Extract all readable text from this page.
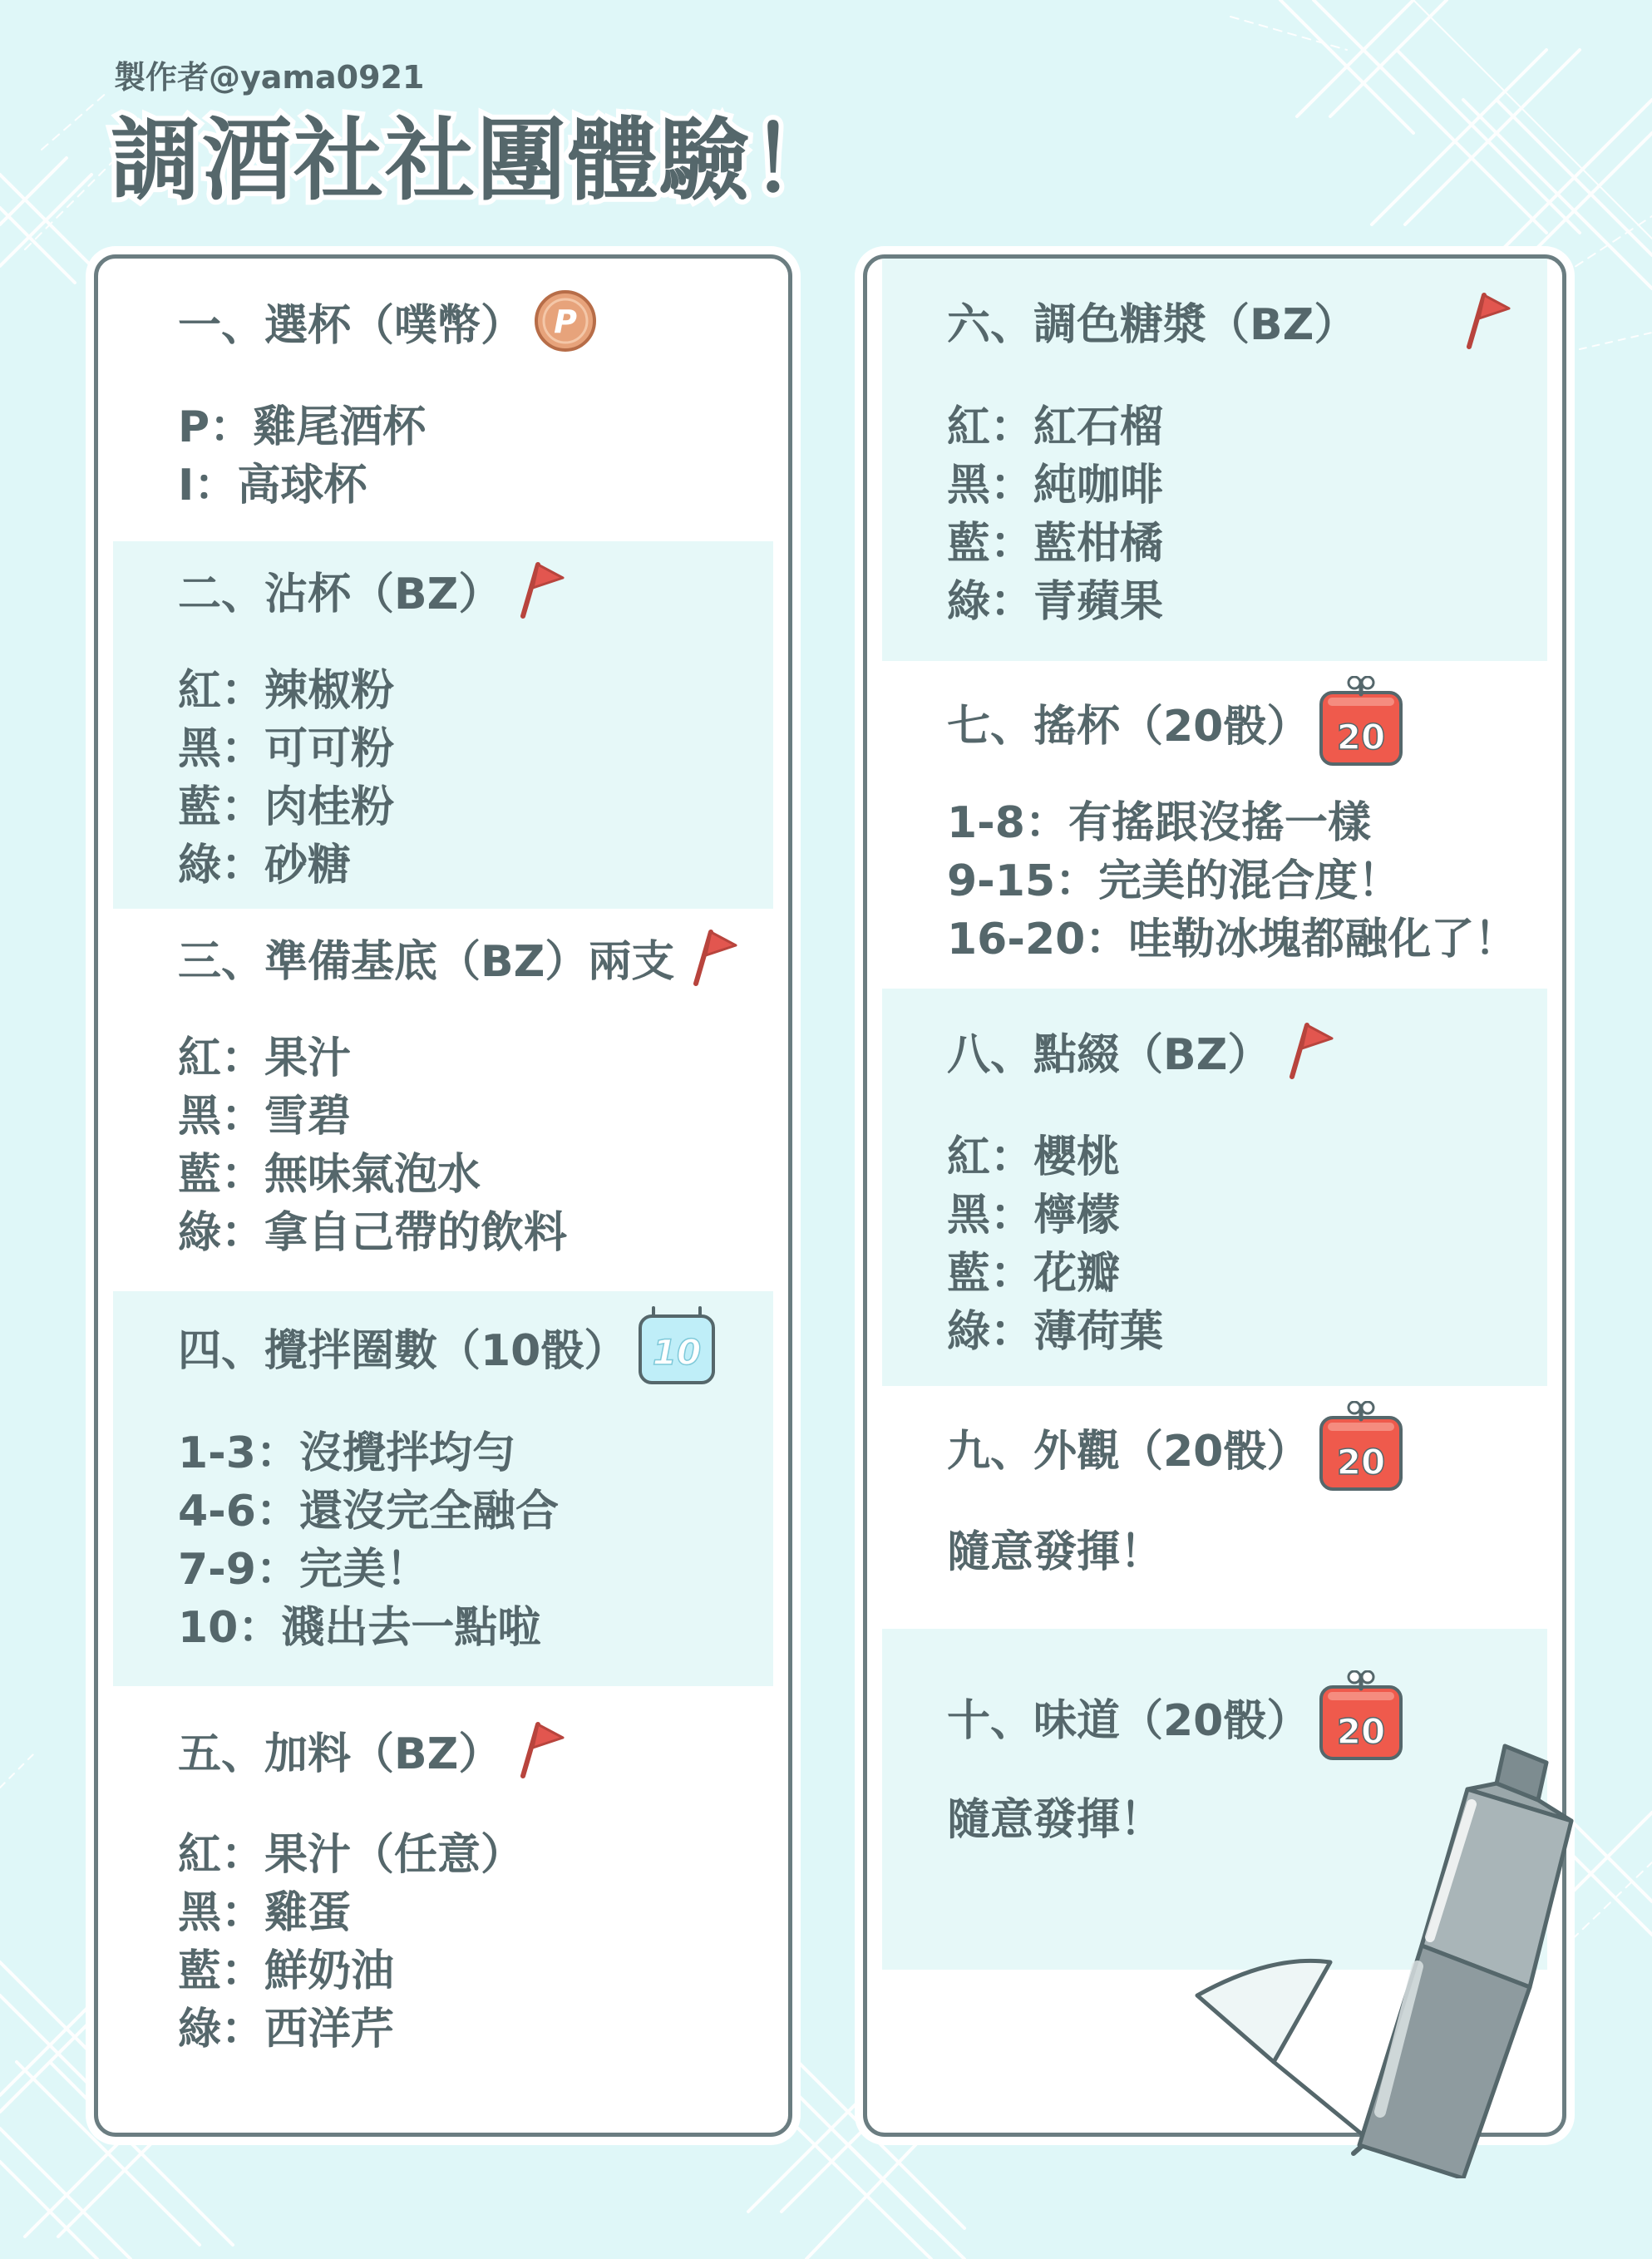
製作者@yama0921
調酒社社團體驗！
一、選杯（噗幣） P
P：雞尾酒杯
I：高球杯
二、沾杯（BZ）
紅：辣椒粉
黑：可可粉
藍：肉桂粉
綠：砂糖
三、準備基底（BZ）兩支
紅：果汁
黑：雪碧
藍：無味氣泡水
綠：拿自己帶的飲料
四、攪拌圈數（10骰） 10
1-3：沒攪拌均勻
4-6：還沒完全融合
7-9：完美！
10：濺出去一點啦
五、加料（BZ）
紅：果汁（任意）
黑：雞蛋
藍：鮮奶油
綠：西洋芹
六、調色糖漿（BZ）
紅：紅石榴
黑：純咖啡
藍：藍柑橘
綠：青蘋果
七、搖杯（20骰） 20
1-8：有搖跟沒搖一樣
9-15：完美的混合度！
16-20：哇勒冰塊都融化了！
八、點綴（BZ）
紅：櫻桃
黑：檸檬
藍：花瓣
綠：薄荷葉
九、外觀（20骰） 20
隨意發揮！
十、味道（20骰） 20
隨意發揮！
